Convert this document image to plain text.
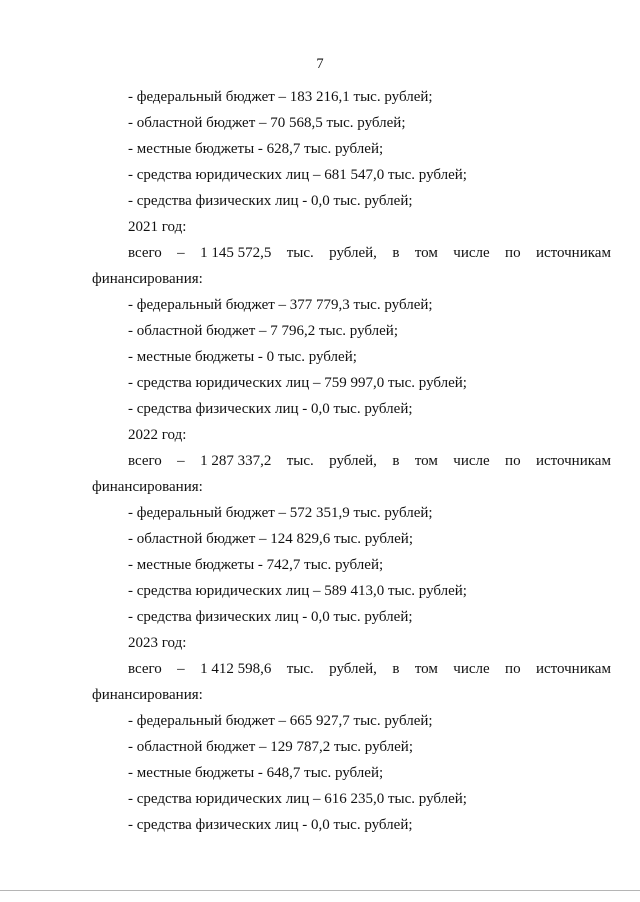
7
- федеральный бюджет – 183 216,1 тыс. рублей;
- областной бюджет – 70 568,5 тыс. рублей;
- местные бюджеты - 628,7 тыс. рублей;
- средства юридических лиц – 681 547,0 тыс. рублей;
- средства физических лиц - 0,0 тыс. рублей;
2021 год:
всего – 1 145 572,5 тыс. рублей, в том числе по источникам
финансирования:
- федеральный бюджет – 377 779,3 тыс. рублей;
- областной бюджет – 7 796,2 тыс. рублей;
- местные бюджеты - 0 тыс. рублей;
- средства юридических лиц – 759 997,0 тыс. рублей;
- средства физических лиц - 0,0 тыс. рублей;
2022 год:
всего – 1 287 337,2 тыс. рублей, в том числе по источникам
финансирования:
- федеральный бюджет – 572 351,9 тыс. рублей;
- областной бюджет – 124 829,6 тыс. рублей;
- местные бюджеты - 742,7 тыс. рублей;
- средства юридических лиц – 589 413,0 тыс. рублей;
- средства физических лиц - 0,0 тыс. рублей;
2023 год:
всего – 1 412 598,6 тыс. рублей, в том числе по источникам
финансирования:
- федеральный бюджет – 665 927,7 тыс. рублей;
- областной бюджет – 129 787,2 тыс. рублей;
- местные бюджеты - 648,7 тыс. рублей;
- средства юридических лиц – 616 235,0 тыс. рублей;
- средства физических лиц - 0,0 тыс. рублей;
